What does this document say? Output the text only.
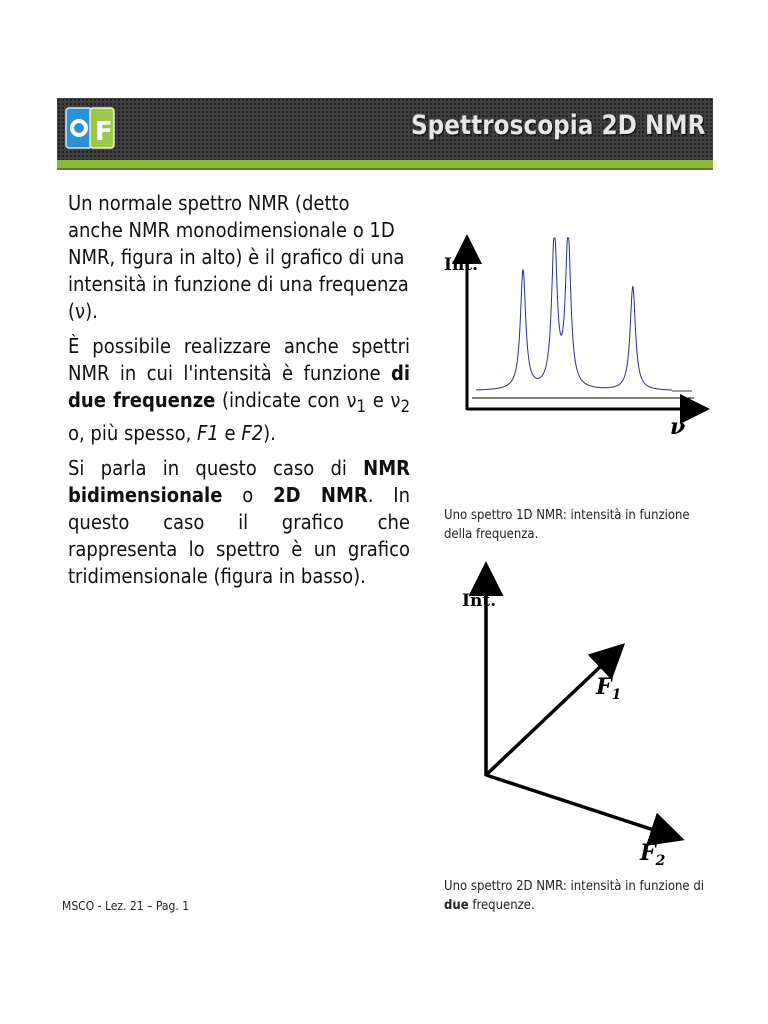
F	Spettroscopia 2D NMR

Un normale spettro NMR (detto anche NMR monodimensionale o 1D NMR, figura in alto) è il grafico di una intensità in funzione di una frequenza (ν).

È possibile realizzare anche spettri NMR in cui l'intensità è funzione di due frequenze (indicate con $\nu_1$ e $\nu_2$ o, più spesso, F1 e F2).

Si parla in questo caso di NMR bidimensionale o 2D NMR. In questo caso il grafico che rappresenta lo spettro è un grafico tridimensionale (figura in basso).

Int.
ν
Uno spettro 1D NMR: intensità in funzione della frequenza.
Int.
$F_1$
$F_2$
Uno spettro 2D NMR: intensità in funzione di due frequenze.
MSCO - Lez. 21 – Pag. 1
